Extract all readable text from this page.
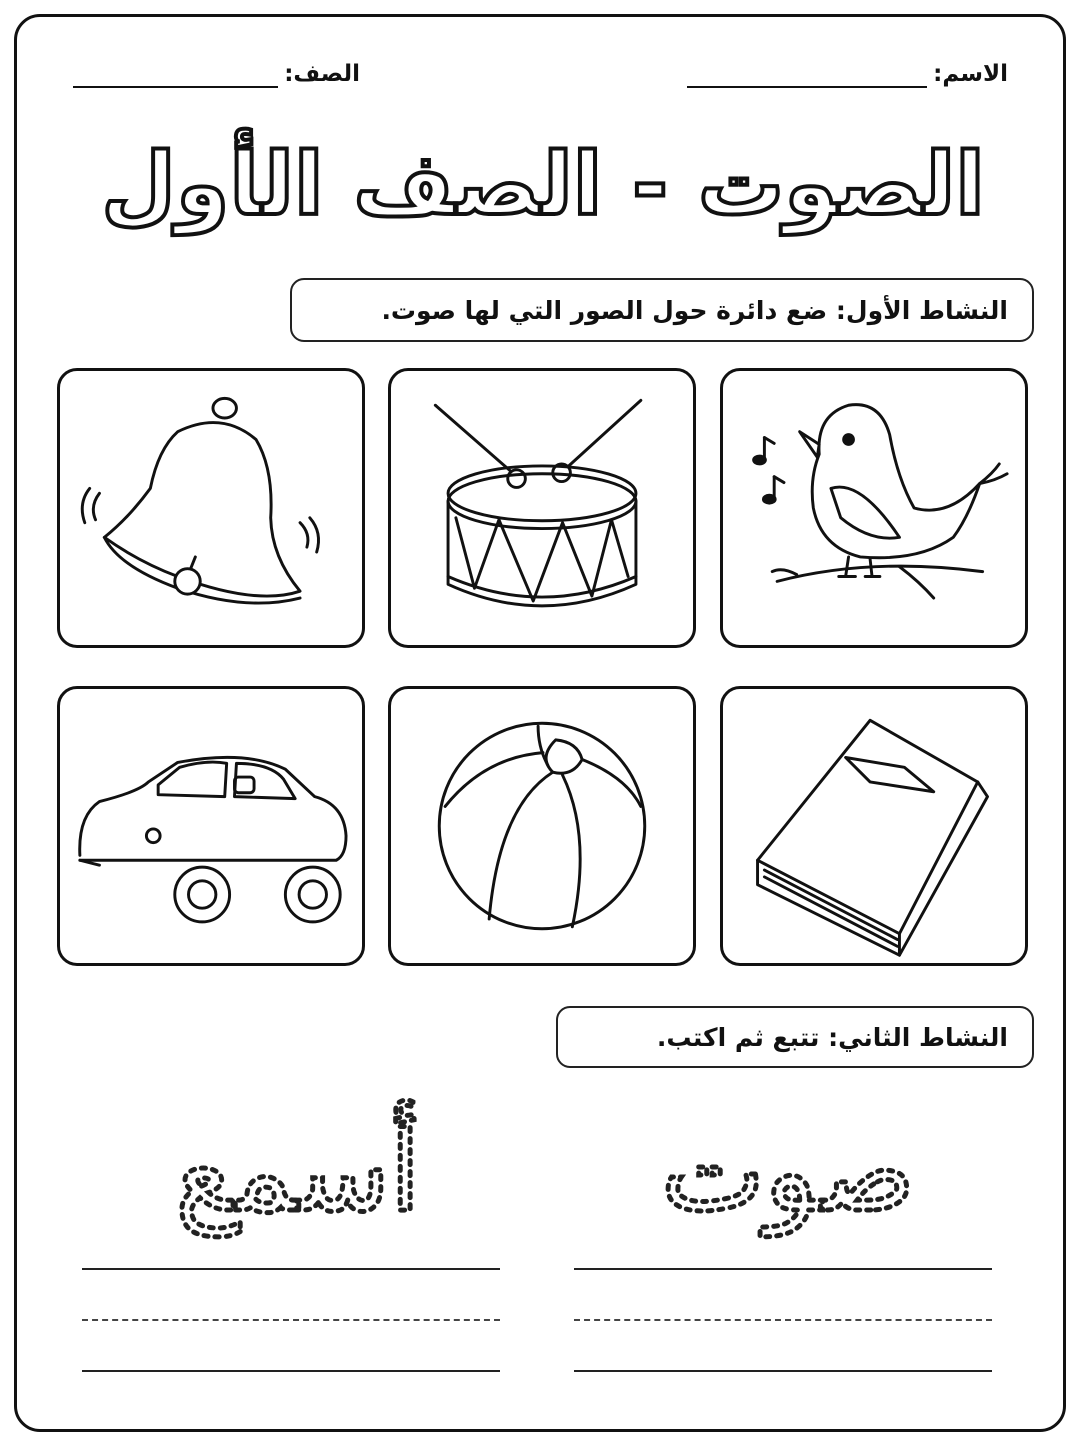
الاسم:
الصف:
الصوت - الصف الأول
النشاط الأول: ضع دائرة حول الصور التي لها صوت.
النشاط الثاني: تتبع ثم اكتب.
صوت
أسمع
